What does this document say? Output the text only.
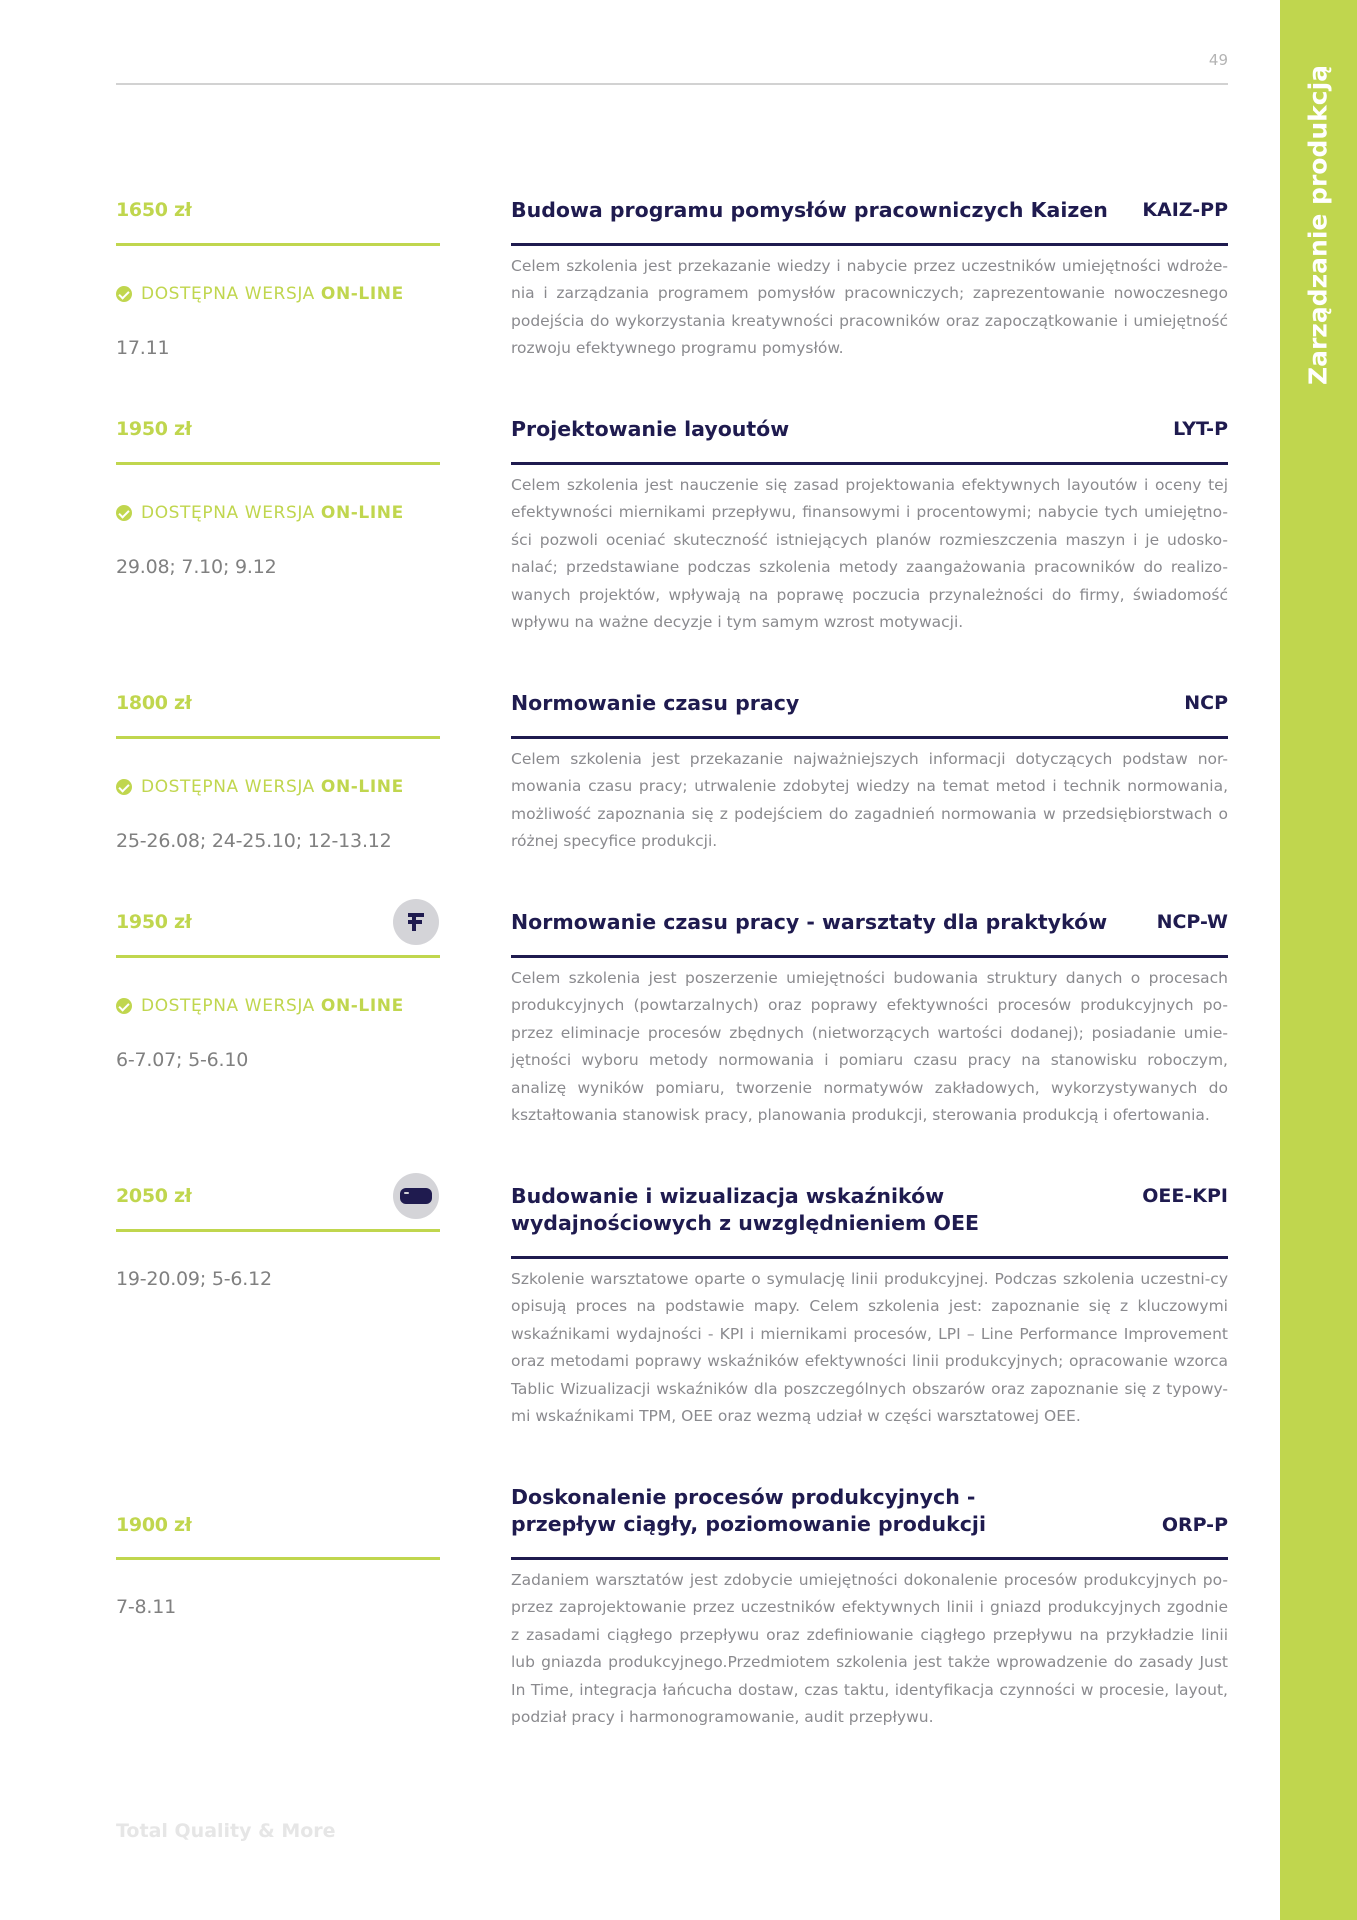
Zarządzanie produkcją
49
1650 zł
DOSTĘPNA WERSJA ON-LINE
17.11
Budowa programu pomysłów pracowniczych Kaizen	KAIZ-PP

Celem szkolenia jest przekazanie wiedzy i nabycie przez uczestników umiejętności wdroże-nia i zarządzania programem pomysłów pracowniczych; zaprezentowanie nowoczesnego podejścia do wykorzystania kreatywności pracowników oraz zapoczątkowanie i umiejętność rozwoju efektywnego programu pomysłów.

1950 zł
DOSTĘPNA WERSJA ON-LINE
29.08; 7.10; 9.12
Projektowanie layoutów	LYT-P

Celem szkolenia jest nauczenie się zasad projektowania efektywnych layoutów i oceny tej efektywności miernikami przepływu, finansowymi i procentowymi; nabycie tych umiejętno-ści pozwoli oceniać skuteczność istniejących planów rozmieszczenia maszyn i je udosko-nalać; przedstawiane podczas szkolenia metody zaangażowania pracowników do realizo-wanych projektów, wpływają na poprawę poczucia przynależności do firmy, świadomość wpływu na ważne decyzje i tym samym wzrost motywacji.

1800 zł
DOSTĘPNA WERSJA ON-LINE
25-26.08; 24-25.10; 12-13.12
Normowanie czasu pracy	NCP

Celem szkolenia jest przekazanie najważniejszych informacji dotyczących podstaw nor-mowania czasu pracy; utrwalenie zdobytej wiedzy na temat metod i technik normowania, możliwość zapoznania się z podejściem do zagadnień normowania w przedsiębiorstwach o różnej specyfice produkcji.

1950 zł
DOSTĘPNA WERSJA ON-LINE
6-7.07; 5-6.10
Normowanie czasu pracy - warsztaty dla praktyków	NCP-W

Celem szkolenia jest poszerzenie umiejętności budowania struktury danych o procesach produkcyjnych (powtarzalnych) oraz poprawy efektywności procesów produkcyjnych po-przez eliminacje procesów zbędnych (nietworzących wartości dodanej); posiadanie umie-jętności wyboru metody normowania i pomiaru czasu pracy na stanowisku roboczym, analizę wyników pomiaru, tworzenie normatywów zakładowych, wykorzystywanych do kształtowania stanowisk pracy, planowania produkcji, sterowania produkcją i ofertowania.

2050 zł
19-20.09; 5-6.12
Budowanie i wizualizacja wskaźników wydajnościowych z uwzględnieniem OEE
OEE-KPI

Szkolenie warsztatowe oparte o symulację linii produkcyjnej. Podczas szkolenia uczestni-cy opisują proces na podstawie mapy. Celem szkolenia jest: zapoznanie się z kluczowymi wskaźnikami wydajności - KPI i miernikami procesów, LPI – Line Performance Improvement oraz metodami poprawy wskaźników efektywności linii produkcyjnych; opracowanie wzorca Tablic Wizualizacji wskaźników dla poszczególnych obszarów oraz zapoznanie się z typowy-mi wskaźnikami TPM, OEE oraz wezmą udział w części warsztatowej OEE.

1900 zł
7-8.11
Doskonalenie procesów produkcyjnych - przepływ ciągły, poziomowanie produkcji	ORP-P

Zadaniem warsztatów jest zdobycie umiejętności dokonalenie procesów produkcyjnych po-przez zaprojektowanie przez uczestników efektywnych linii i gniazd produkcyjnych zgodnie z zasadami ciągłego przepływu oraz zdefiniowanie ciągłego przepływu na przykładzie linii lub gniazda produkcyjnego.Przedmiotem szkolenia jest także wprowadzenie do zasady Just In Time, integracja łańcucha dostaw, czas taktu, identyfikacja czynności w procesie, layout, podział pracy i harmonogramowanie, audit przepływu.

Total Quality & More
